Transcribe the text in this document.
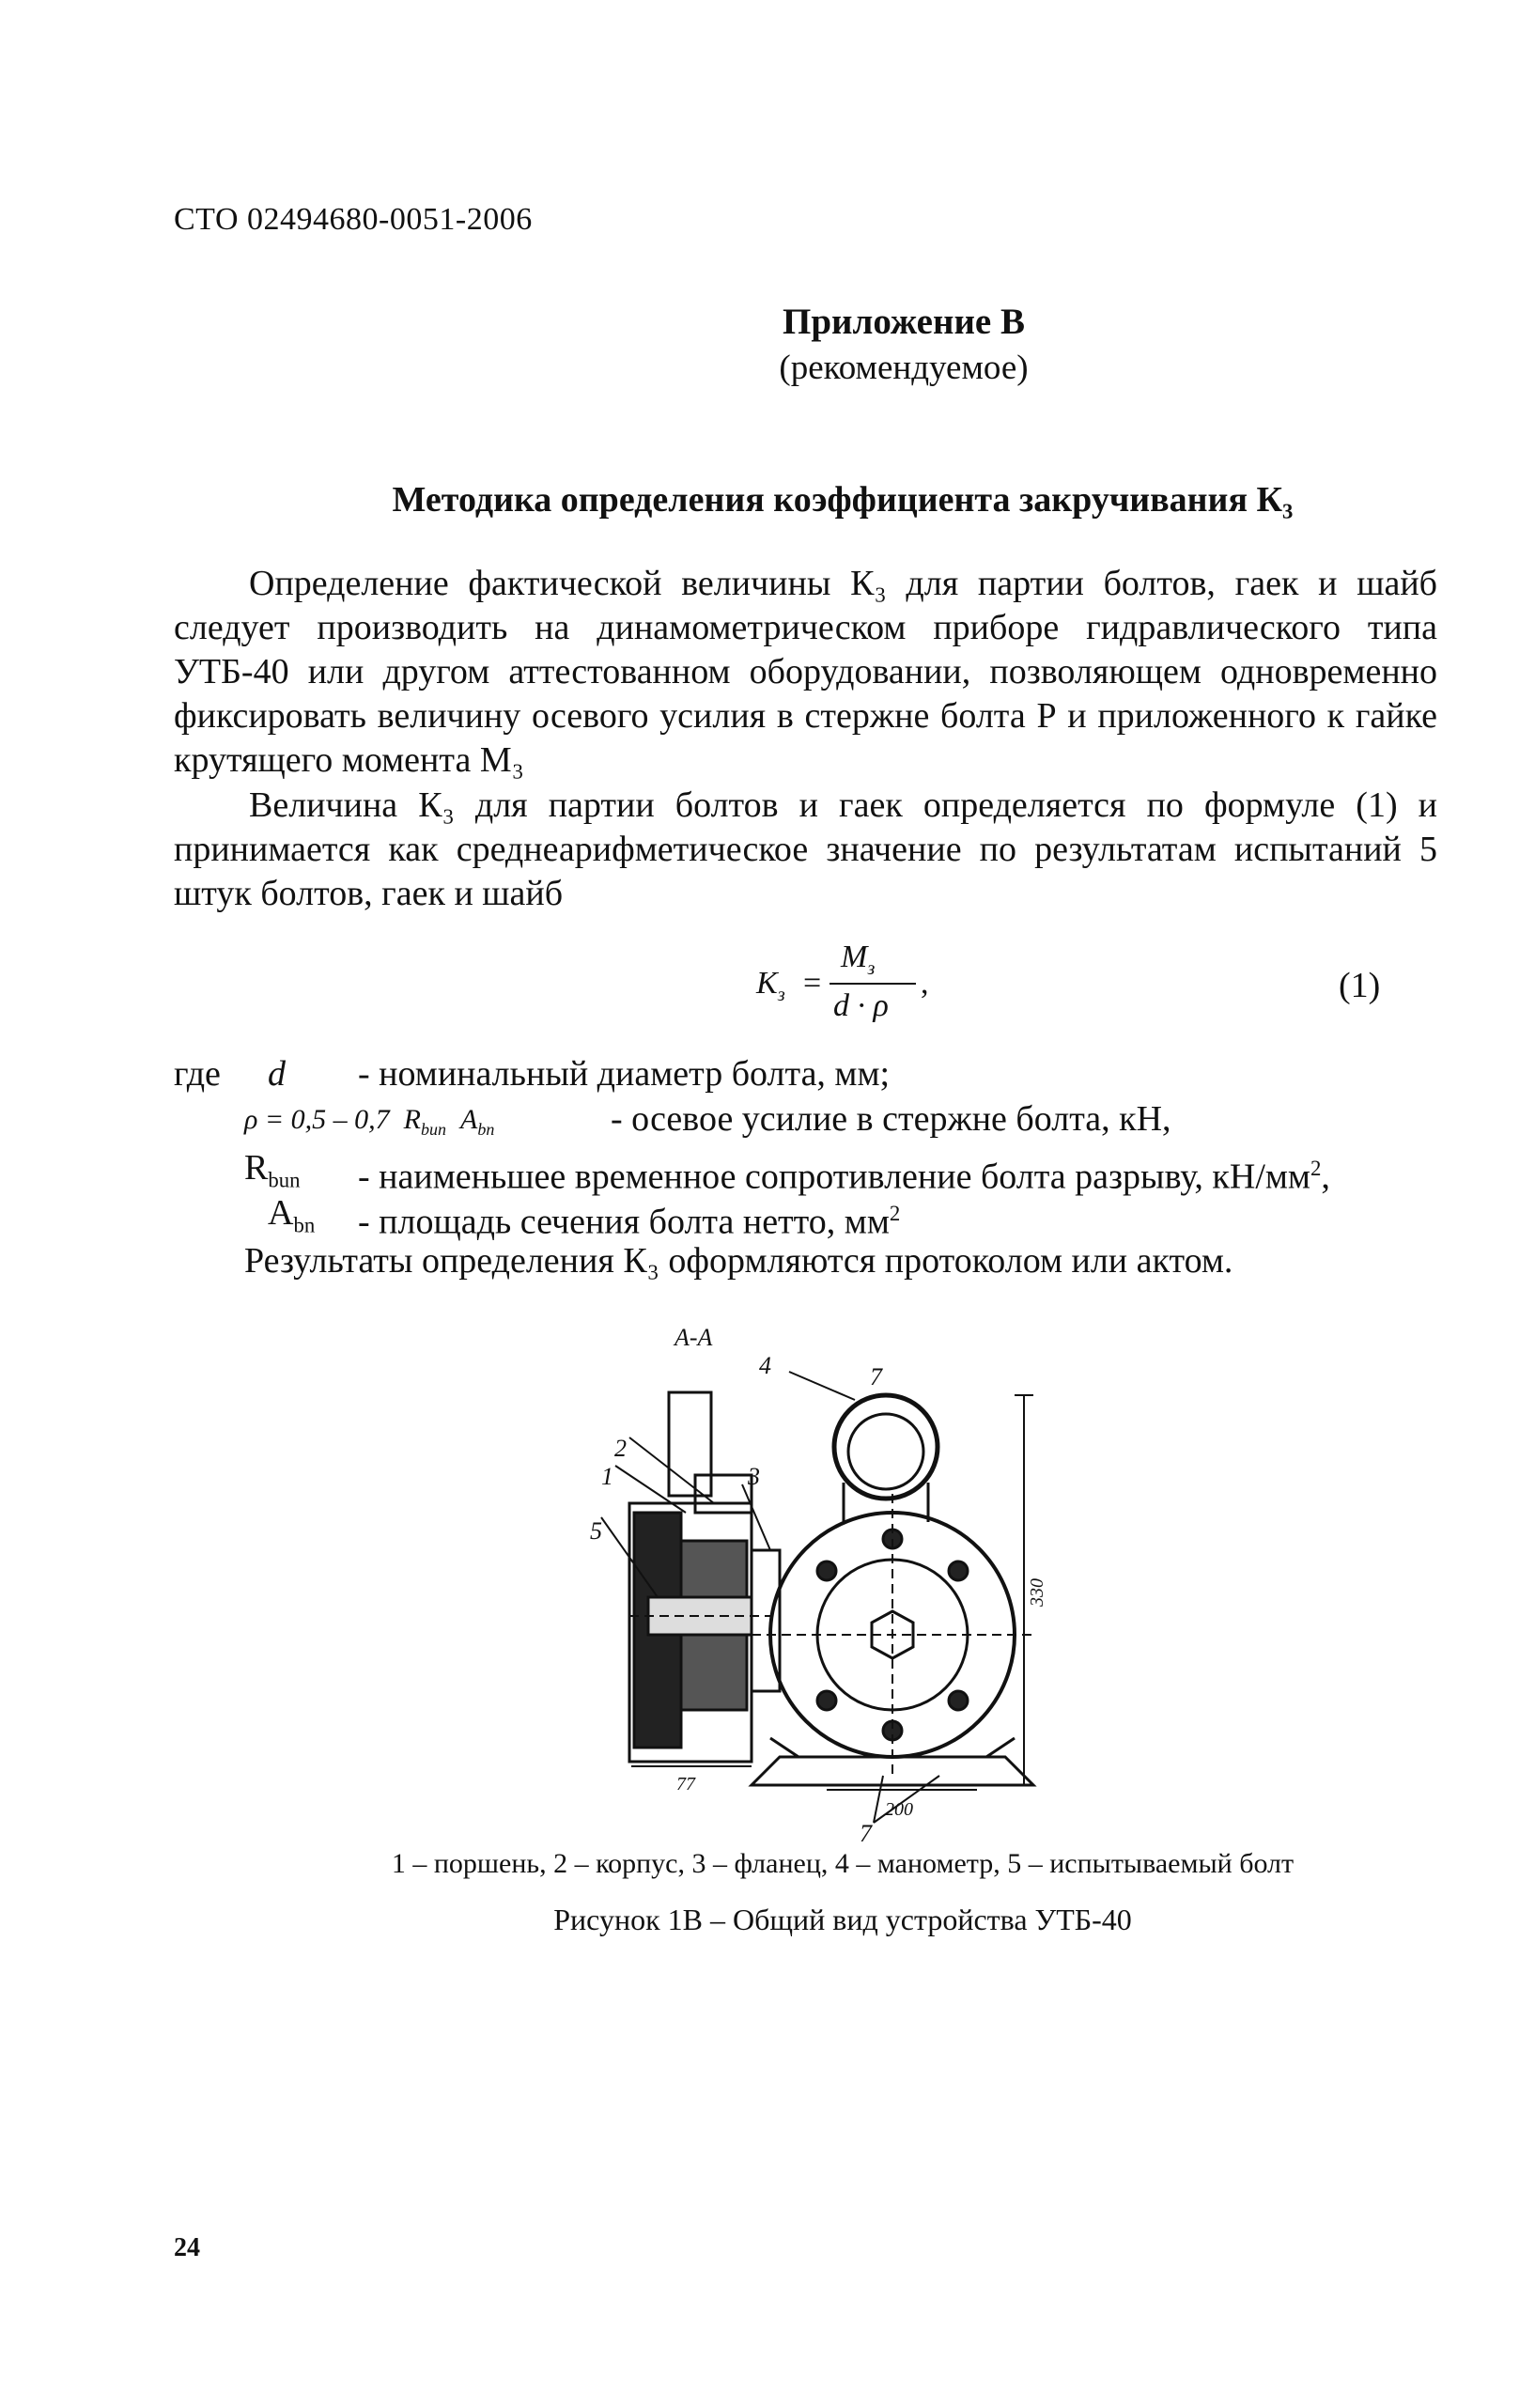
СТО 02494680-0051-2006
Приложение В
(рекомендуемое)
Методика определения коэффициента закручивания К₃
Определение фактической величины К₃ для партии болтов, гаек и шайб следует производить на динамометрическом приборе гидравлического типа УТБ-40 или другом аттестованном оборудовании, позволяющем одновременно фиксировать величину осевого усилия в стержне болта Р и приложенного к гайке крутящего момента М₃
Величина К₃ для партии болтов и гаек определяется по формуле (1) и принимается как среднеарифметическое значение по результатам испытаний 5 штук болтов, гаек и шайб
$K_з$ =
$M_з$
d · ρ
,	(1)
где d - номинальный диаметр болта, мм;
ρ = 0,5 – 0,7 $R_{bun}$ $A_{bn}$	- осевое усилие в стержне болта, кН,
$R_{bun}$ - наименьшее временное сопротивление болта разрыву, $кН/мм^2$,
$A_{bn}$ - площадь сечения болта нетто, $мм^2$
Результаты определения К₃ оформляются протоколом или актом.
А-А
2
1	3
5
4	7
7
330
200
77
1 – поршень, 2 – корпус, 3 – фланец, 4 – манометр, 5 – испытываемый болт
Рисунок 1В – Общий вид устройства УТБ-40
24
